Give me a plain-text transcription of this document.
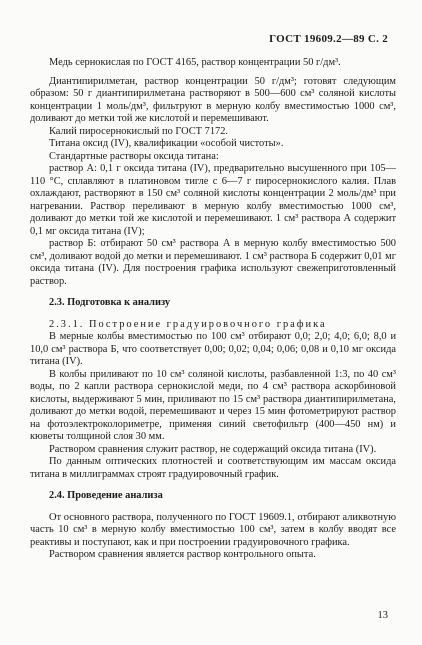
ГОСТ 19609.2—89 С. 2

Медь сернокислая по ГОСТ 4165, раствор концентрации 50 г/дм³.

Диантипирилметан, раствор концентрации 50 г/дм³; готовят следующим образом: 50 г диантипирилметана растворяют в 500—600 см³ соляной кислоты концентрации 1 моль/дм³, фильтруют в мерную колбу вместимостью 1000 см³, доливают до метки той же кислотой и перемешивают.

Калий пиросернокислый по ГОСТ 7172.

Титана оксид (IV), квалификации «особой чистоты».

Стандартные растворы оксида титана:

раствор А: 0,1 г оксида титана (IV), предварительно высушенного при 105—110 °С, сплавляют в платиновом тигле с 6—7 г пиросернокислого калия. Плав охлаждают, растворяют в 150 см³ соляной кислоты концентрации 2 моль/дм³ при нагревании. Раствор переливают в мерную колбу вместимостью 1000 см³, доливают до метки той же кислотой и перемешивают. 1 см³ раствора А содержит 0,1 мг оксида титана (IV);

раствор Б: отбирают 50 см³ раствора А в мерную колбу вместимостью 500 см³, доливают водой до метки и перемешивают. 1 см³ раствора Б содержит 0,01 мг оксида титана (IV). Для построения графика используют свежеприготовленный раствор.

2.3. Подготовка к анализу

2.3.1. Построение градуировочного графика

В мерные колбы вместимостью по 100 см³ отбирают 0,0; 2,0; 4,0; 6,0; 8,0 и 10,0 см³ раствора Б, что соответствует 0,00; 0,02; 0,04; 0,06; 0,08 и 0,10 мг оксида титана (IV).

В колбы приливают по 10 см³ соляной кислоты, разбавленной 1:3, по 40 см³ воды, по 2 капли раствора сернокислой меди, по 4 см³ раствора аскорбиновой кислоты, выдерживают 5 мин, приливают по 15 см³ раствора диантипирилметана, доливают до метки водой, перемешивают и через 15 мин фотометрируют раствор на фотоэлектроколориметре, применяя синий светофильтр (400—450 нм) и кюветы толщиной слоя 30 мм.

Раствором сравнения служит раствор, не содержащий оксида титана (IV).

По данным оптических плотностей и соответствующим им массам оксида титана в миллиграммах строят градуировочный график.

2.4. Проведение анализа

От основного раствора, полученного по ГОСТ 19609.1, отбирают аликвотную часть 10 см³ в мерную колбу вместимостью 100 см³, затем в колбу вводят все реактивы и поступают, как и при построении градуировочного графика.

Раствором сравнения является раствор контрольного опыта.

13
